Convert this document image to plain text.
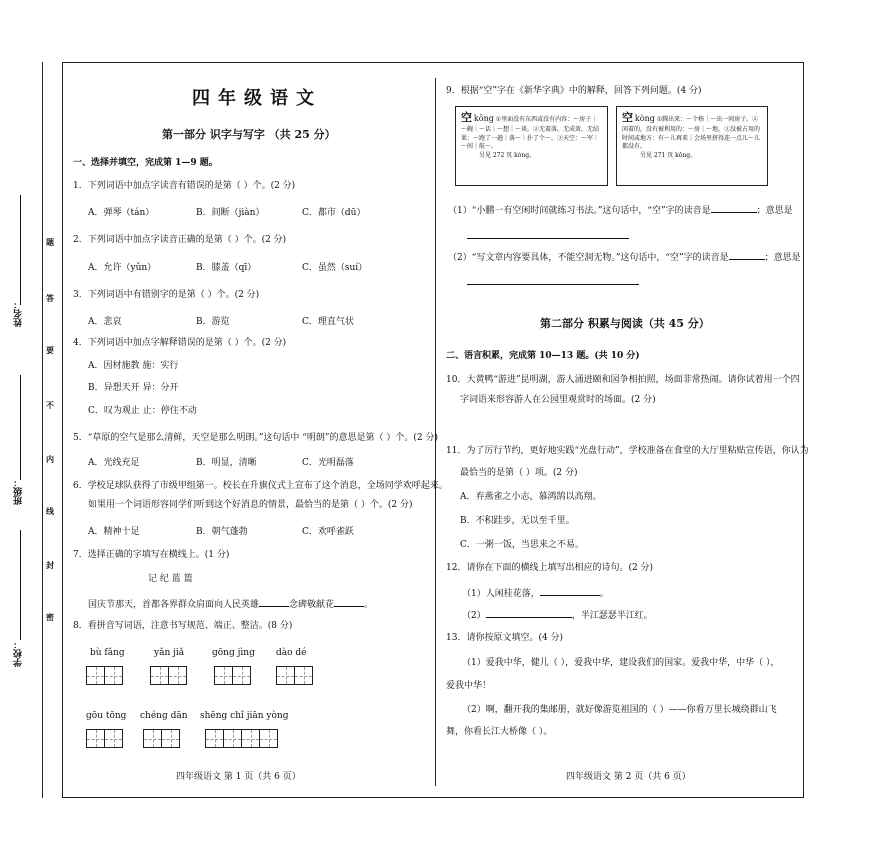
姓名：
班级：
学校：
题
答
要
不
内
线
封
密
四年级语文
第一部分 识字与写字 （共 25 分）
一、选择并填空，完成第 1—9 题。
1．下列词语中加点字读音有错误的是第（ ）个。(2 分)
A．弹琴（tán）	B．间断（jiàn）	C．都市（dū）
2．下列词语中加点字读音正确的是第（ ）个。(2 分)
A．允许（yǔn）	B．膝盖（qī）	C．虽然（suí）
3．下列词语中有错别字的是第（ ）个。(2 分)
A．悲哀	B．游览	C．理直气状
4．下列词语中加点字解释错误的是第（ ）个。(2 分)
A．因材施教 施：实行
B．异想天开 异：分开
C．叹为观止 止：停住不动
5．“草原的空气是那么清鲜，天空是那么明朗。”这句话中 “明朗”的意思是第（ ）个。(2 分)
A．光线充足	B．明显，清晰	C．光明磊落
6．学校足球队获得了市级甲组第一。校长在升旗仪式上宣布了这个消息，全场同学欢呼起来。
如果用一个词语形容同学们听到这个好消息的情景，最恰当的是第（ ）个。(2 分)
A．精神十足	B．朝气蓬勃	C．欢呼雀跃
7．选择正确的字填写在横线上。(1 分)
记 纪 蓝 篮
国庆节那天，首都各界群众肩面向人民英雄	念碑敬献花	。
8．看拼音写词语，注意书写规范、端正、整洁。(8 分)
bù fǎng	yǎn jiǎ	gōng jìng dào dé
gōu tōng chéng dān shēng chǐ jiān yòng
四年级语文 第 1 页（共 6 页）
9．根据“空”字在《新华字典》中的解释，回答下列问题。(4 分)
空 kōng ①里面没有东西或没有内容：～房子｜～碗｜～话｜～想｜～谈。②无着落，无成效，无结果：～跑了一趟｜落～｜扑了个～。③天空：～军｜～间｜航～。
另见 272 页 kòng。
空 kòng ①腾出来：～个格｜～出一间房子。②闲着的，没有被利用的：～房｜～地。③没被占用的时间或地方：有～儿再来｜会场里挤得连一点儿～儿都没有。
另见 271 页 kōng。
（1）“小鹏一有空闲时间就练习书法。”这句话中，“空”字的读音是	；意思是
（2）“写文章内容要具体，不能空洞无物。”这句话中，“空”字的读音是	；意思是
第二部分 积累与阅读（共 45 分）
二、语言积累，完成第 10—13 题。(共 10 分)
10．大黄鸭“游进”昆明湖，游人涌进颐和园争相拍照，场面非常热闹。请你试着用一个四
字词语来形容游人在公园里观赏时的场面。(2 分)
11．为了厉行节约，更好地实践“光盘行动”，学校准备在食堂的大厅里粘贴宣传语，你认为
最恰当的是第（ ）项。(2 分)
A．弃燕雀之小志，慕鸿鹄以高翔。
B．不积跬步，无以至千里。
C．一粥一饭，当思来之不易。
12．请你在下面的横线上填写出相应的诗句。(2 分)
（1）人闲桂花落，	。
（2）	，半江瑟瑟半江红。
13．请你按原文填空。(4 分)
（1）爱我中华，健儿（ ），爱我中华，建设我们的国家。爱我中华，中华（ ），
爱我中华！
（2）啊，翻开我的集邮册，就好像游览祖国的（ ）——你看万里长城绕群山飞
舞，你看长江大桥像（ ）。
四年级语文 第 2 页（共 6 页）
